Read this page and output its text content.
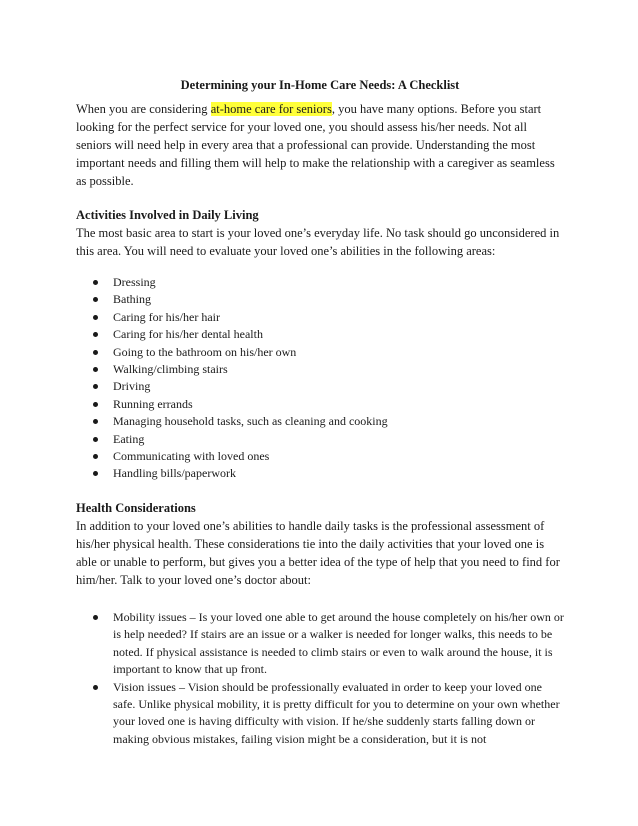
Determining your In-Home Care Needs: A Checklist

When you are considering at-home care for seniors, you have many options. Before you start looking for the perfect service for your loved one, you should assess his/her needs. Not all seniors will need help in every area that a professional can provide. Understanding the most important needs and filling them will help to make the relationship with a caregiver as seamless as possible.

Activities Involved in Daily Living

The most basic area to start is your loved one’s everyday life. No task should go unconsidered in this area. You will need to evaluate your loved one’s abilities in the following areas:

Dressing
Bathing
Caring for his/her hair
Caring for his/her dental health
Going to the bathroom on his/her own
Walking/climbing stairs
Driving
Running errands
Managing household tasks, such as cleaning and cooking
Eating
Communicating with loved ones
Handling bills/paperwork
Health Considerations

In addition to your loved one’s abilities to handle daily tasks is the professional assessment of his/her physical health. These considerations tie into the daily activities that your loved one is able or unable to perform, but gives you a better idea of the type of help that you need to find for him/her. Talk to your loved one’s doctor about:

Mobility issues – Is your loved one able to get around the house completely on his/her own or is help needed? If stairs are an issue or a walker is needed for longer walks, this needs to be noted. If physical assistance is needed to climb stairs or even to walk around the house, it is important to know that up front.
Vision issues – Vision should be professionally evaluated in order to keep your loved one safe. Unlike physical mobility, it is pretty difficult for you to determine on your own whether your loved one is having difficulty with vision. If he/she suddenly starts falling down or making obvious mistakes, failing vision might be a consideration, but it is not
